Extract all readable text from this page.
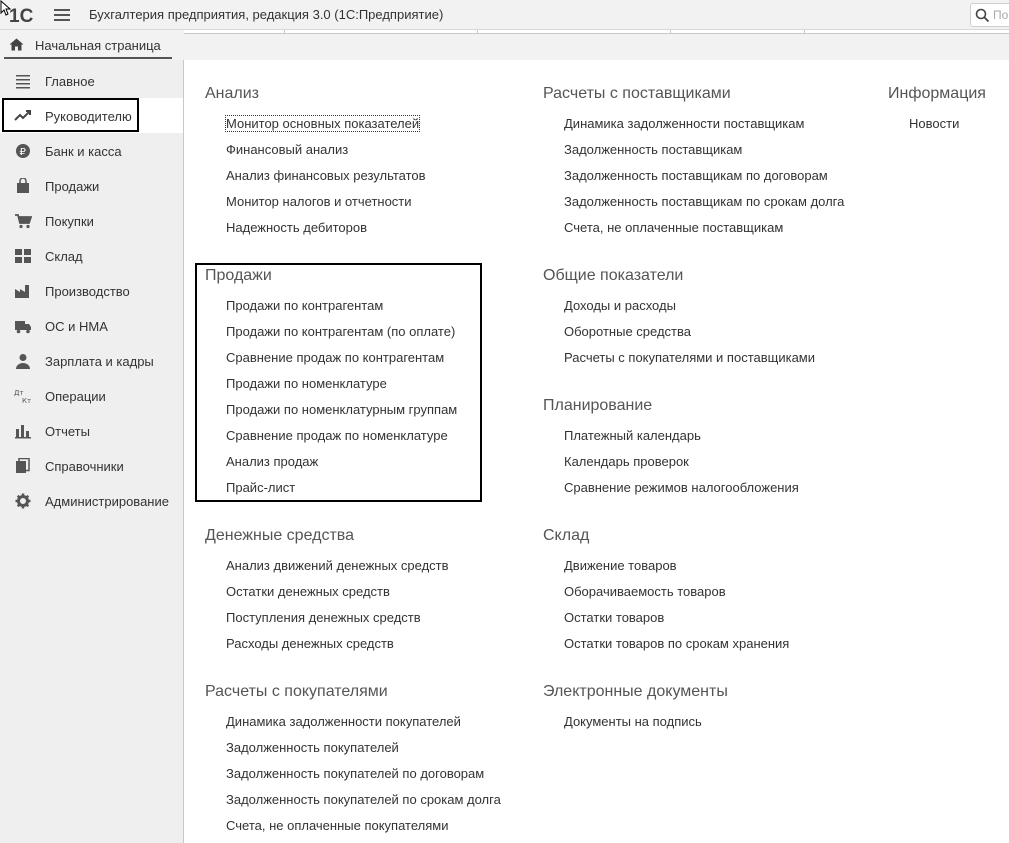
1С	Бухгалтерия предприятия, редакция 3.0 (1С:Предприятие)	По
Начальная страница
Главное
Руководителю
₽ Банк и касса
Продажи
Покупки
Склад
Производство
ОС и НМА
Зарплата и кадры
Дт
Кт Операции
Отчеты
Справочники
Администрирование
Анализ
Монитор основных показателей
Финансовый анализ
Анализ финансовых результатов
Монитор налогов и отчетности
Надежность дебиторов
Продажи
Продажи по контрагентам
Продажи по контрагентам (по оплате)
Сравнение продаж по контрагентам
Продажи по номенклатуре
Продажи по номенклатурным группам
Сравнение продаж по номенклатуре
Анализ продаж
Прайс-лист
Денежные средства
Анализ движений денежных средств
Остатки денежных средств
Поступления денежных средств
Расходы денежных средств
Расчеты с покупателями
Динамика задолженности покупателей
Задолженность покупателей
Задолженность покупателей по договорам
Задолженность покупателей по срокам долга
Счета, не оплаченные покупателями
Расчеты с поставщиками
Динамика задолженности поставщикам
Задолженность поставщикам
Задолженность поставщикам по договорам
Задолженность поставщикам по срокам долга
Счета, не оплаченные поставщикам
Общие показатели
Доходы и расходы
Оборотные средства
Расчеты с покупателями и поставщиками
Планирование
Платежный календарь
Календарь проверок
Сравнение режимов налогообложения
Склад
Движение товаров
Оборачиваемость товаров
Остатки товаров
Остатки товаров по срокам хранения
Электронные документы
Документы на подпись
Информация
Новости
